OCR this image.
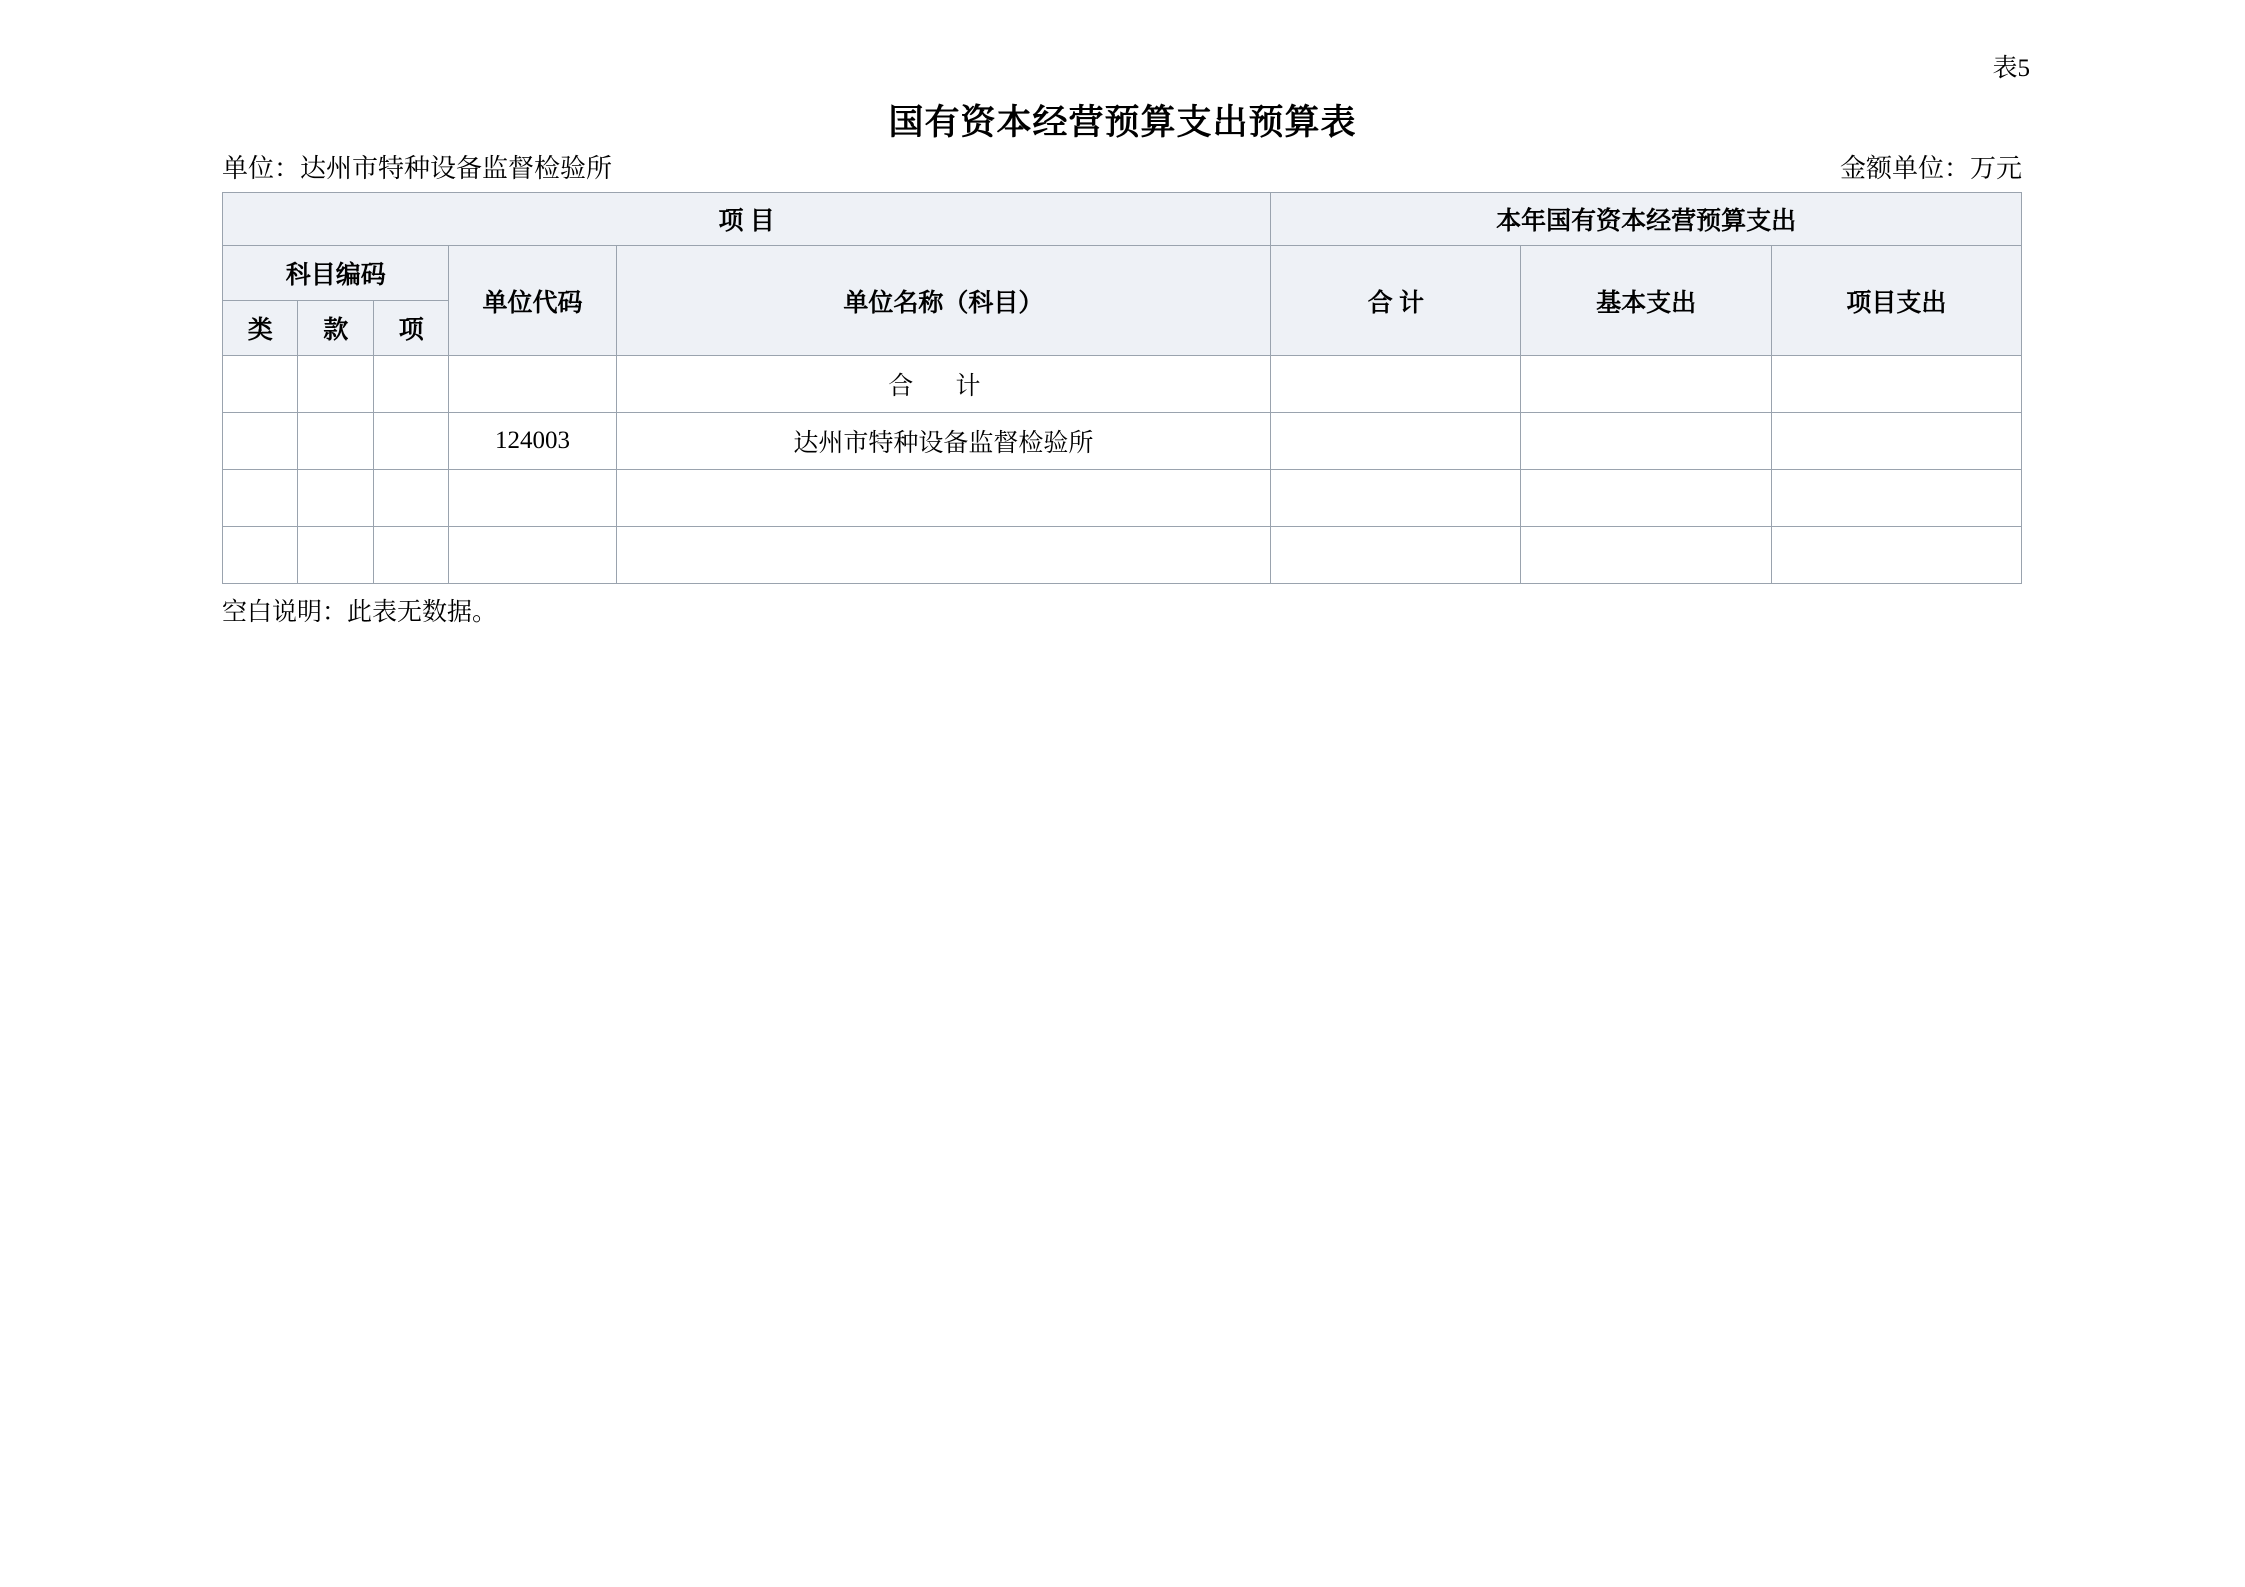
表5
国有资本经营预算支出预算表
单位：达州市特种设备监督检验所	金额单位：万元
项 目					本年国有资本经营预算支出		
科目编码			单位代码	单位名称（科目）	合 计	基本支出	项目支出
类	款	项					
				合 计			
			124003	达州市特种设备监督检验所			

空白说明：此表无数据。
